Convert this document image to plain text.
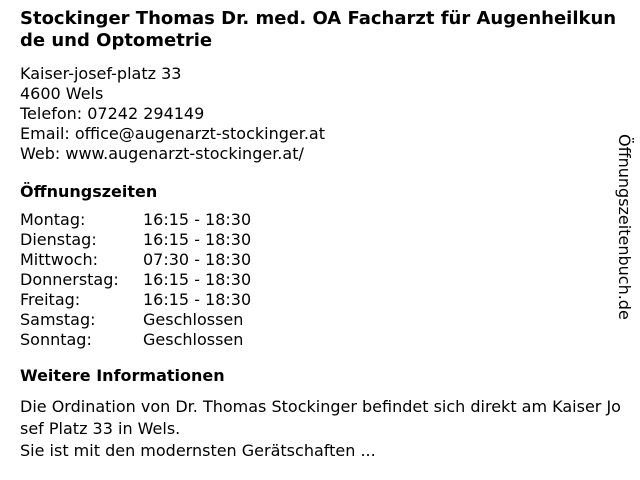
Stockinger Thomas Dr. med. OA Facharzt für Augenheilkunde und Optometrie
Kaiser-josef-platz 33
4600 Wels
Telefon: 07242 294149
Email: office@augenarzt-stockinger.at
Web: www.augenarzt-stockinger.at/
Öffnungszeiten
Montag:	16:15 - 18:30
Dienstag:	16:15 - 18:30
Mittwoch:	07:30 - 18:30
Donnerstag:	16:15 - 18:30
Freitag:	16:15 - 18:30
Samstag:	Geschlossen
Sonntag:	Geschlossen
Weitere Informationen
Die Ordination von Dr. Thomas Stockinger befindet sich direkt am Kaiser Josef Platz 33 in Wels.
Sie ist mit den modernsten Gerätschaften ...
Öffnungszeitenbuch.de
